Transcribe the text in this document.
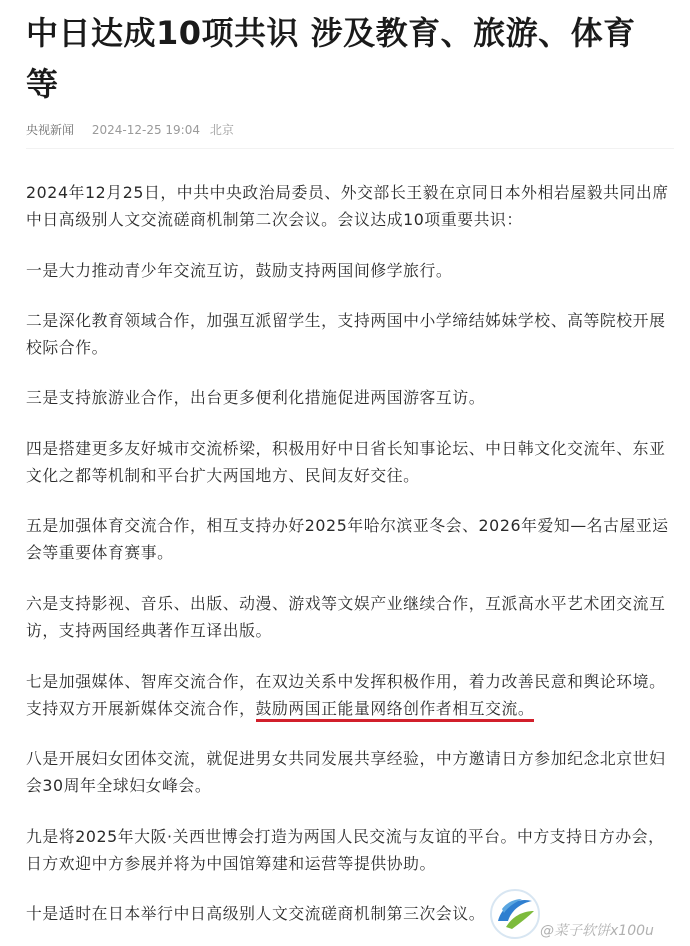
中日达成10项共识 涉及教育、旅游、体育等
央视新闻 2024-12-25 19:04 北京

2024年12月25日，中共中央政治局委员、外交部长王毅在京同日本外相岩屋毅共同出席中日高级别人文交流磋商机制第二次会议。会议达成10项重要共识：

一是大力推动青少年交流互访，鼓励支持两国间修学旅行。

二是深化教育领域合作，加强互派留学生，支持两国中小学缔结姊妹学校、高等院校开展校际合作。

三是支持旅游业合作，出台更多便利化措施促进两国游客互访。

四是搭建更多友好城市交流桥梁，积极用好中日省长知事论坛、中日韩文化交流年、东亚文化之都等机制和平台扩大两国地方、民间友好交往。

五是加强体育交流合作，相互支持办好2025年哈尔滨亚冬会、2026年爱知—名古屋亚运会等重要体育赛事。

六是支持影视、音乐、出版、动漫、游戏等文娱产业继续合作，互派高水平艺术团交流互访，支持两国经典著作互译出版。

七是加强媒体、智库交流合作，在双边关系中发挥积极作用，着力改善民意和舆论环境。支持双方开展新媒体交流合作，鼓励两国正能量网络创作者相互交流。

八是开展妇女团体交流，就促进男女共同发展共享经验，中方邀请日方参加纪念北京世妇会30周年全球妇女峰会。

九是将2025年大阪·关西世博会打造为两国人民交流与友谊的平台。中方支持日方办会，日方欢迎中方参展并将为中国馆筹建和运营等提供协助。

十是适时在日本举行中日高级别人文交流磋商机制第三次会议。

@菜子软饼x100u
